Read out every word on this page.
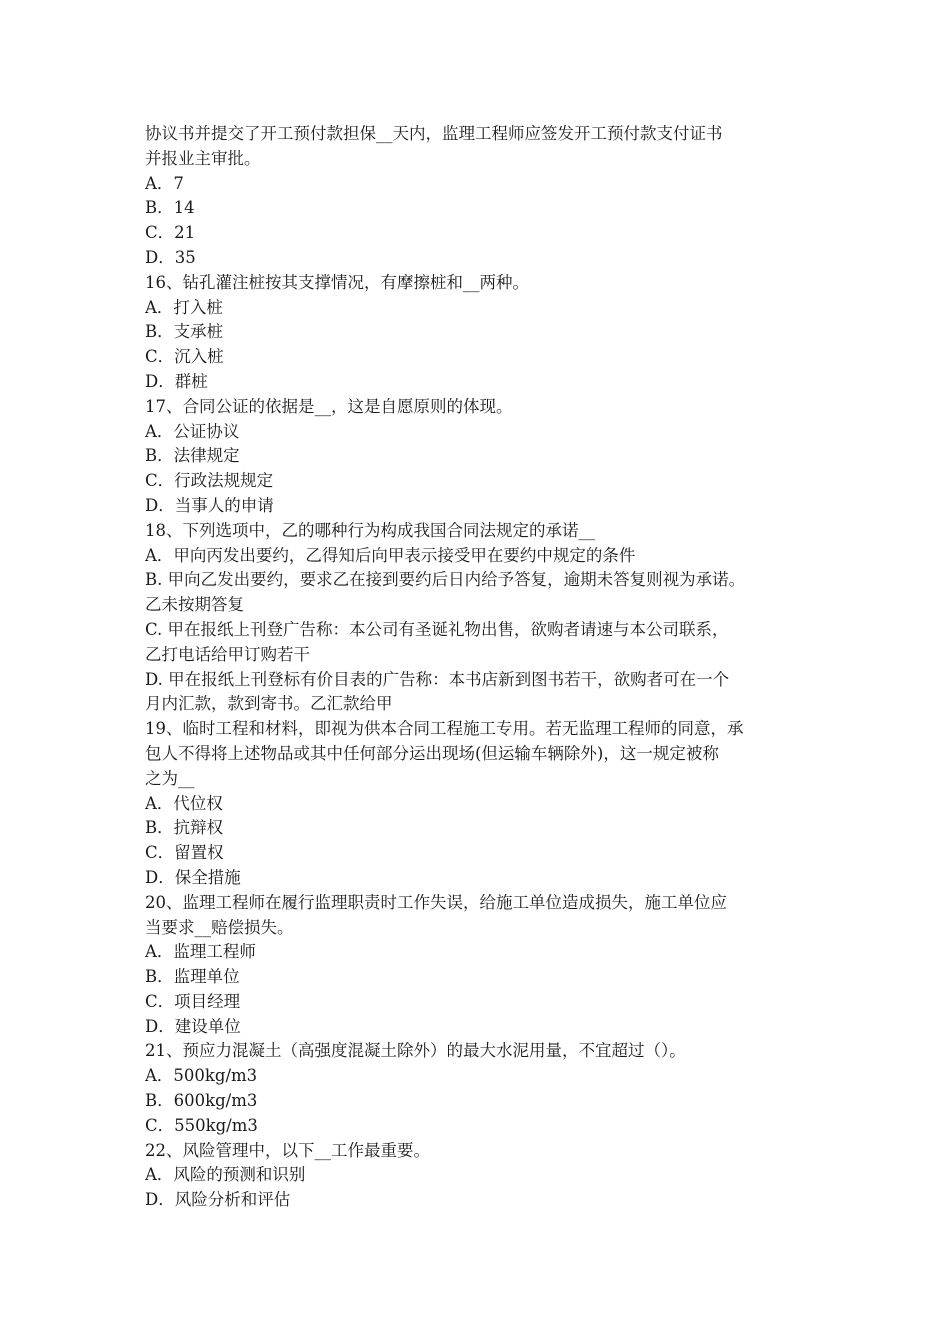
协议书并提交了开工预付款担保__天内，监理工程师应签发开工预付款支付证书
并报业主审批。
A．7
B．14
C．21
D．35
16、钻孔灌注桩按其支撑情况，有摩擦桩和__两种。
A．打入桩
B．支承桩
C．沉入桩
D．群桩
17、合同公证的依据是__，这是自愿原则的体现。
A．公证协议
B．法律规定
C．行政法规规定
D．当事人的申请
18、下列选项中，乙的哪种行为构成我国合同法规定的承诺__
A．甲向丙发出要约，乙得知后向甲表示接受甲在要约中规定的条件
B. 甲向乙发出要约，要求乙在接到要约后日内给予答复，逾期未答复则视为承诺。
乙未按期答复
C. 甲在报纸上刊登广告称：本公司有圣诞礼物出售，欲购者请速与本公司联系，
乙打电话给甲订购若干
D. 甲在报纸上刊登标有价目表的广告称：本书店新到图书若干，欲购者可在一个
月内汇款，款到寄书。乙汇款给甲
19、临时工程和材料，即视为供本合同工程施工专用。若无监理工程师的同意，承
包人不得将上述物品或其中任何部分运出现场(但运输车辆除外)，这一规定被称
之为__
A．代位权
B．抗辩权
C．留置权
D．保全措施
20、监理工程师在履行监理职责时工作失误，给施工单位造成损失，施工单位应
当要求__赔偿损失。
A．监理工程师
B．监理单位
C．项目经理
D．建设单位
21、预应力混凝土（高强度混凝土除外）的最大水泥用量，不宜超过（）。
A．500kg/m3
B．600kg/m3
C．550kg/m3
22、风险管理中，以下__工作最重要。
A．风险的预测和识别
D．风险分析和评估
